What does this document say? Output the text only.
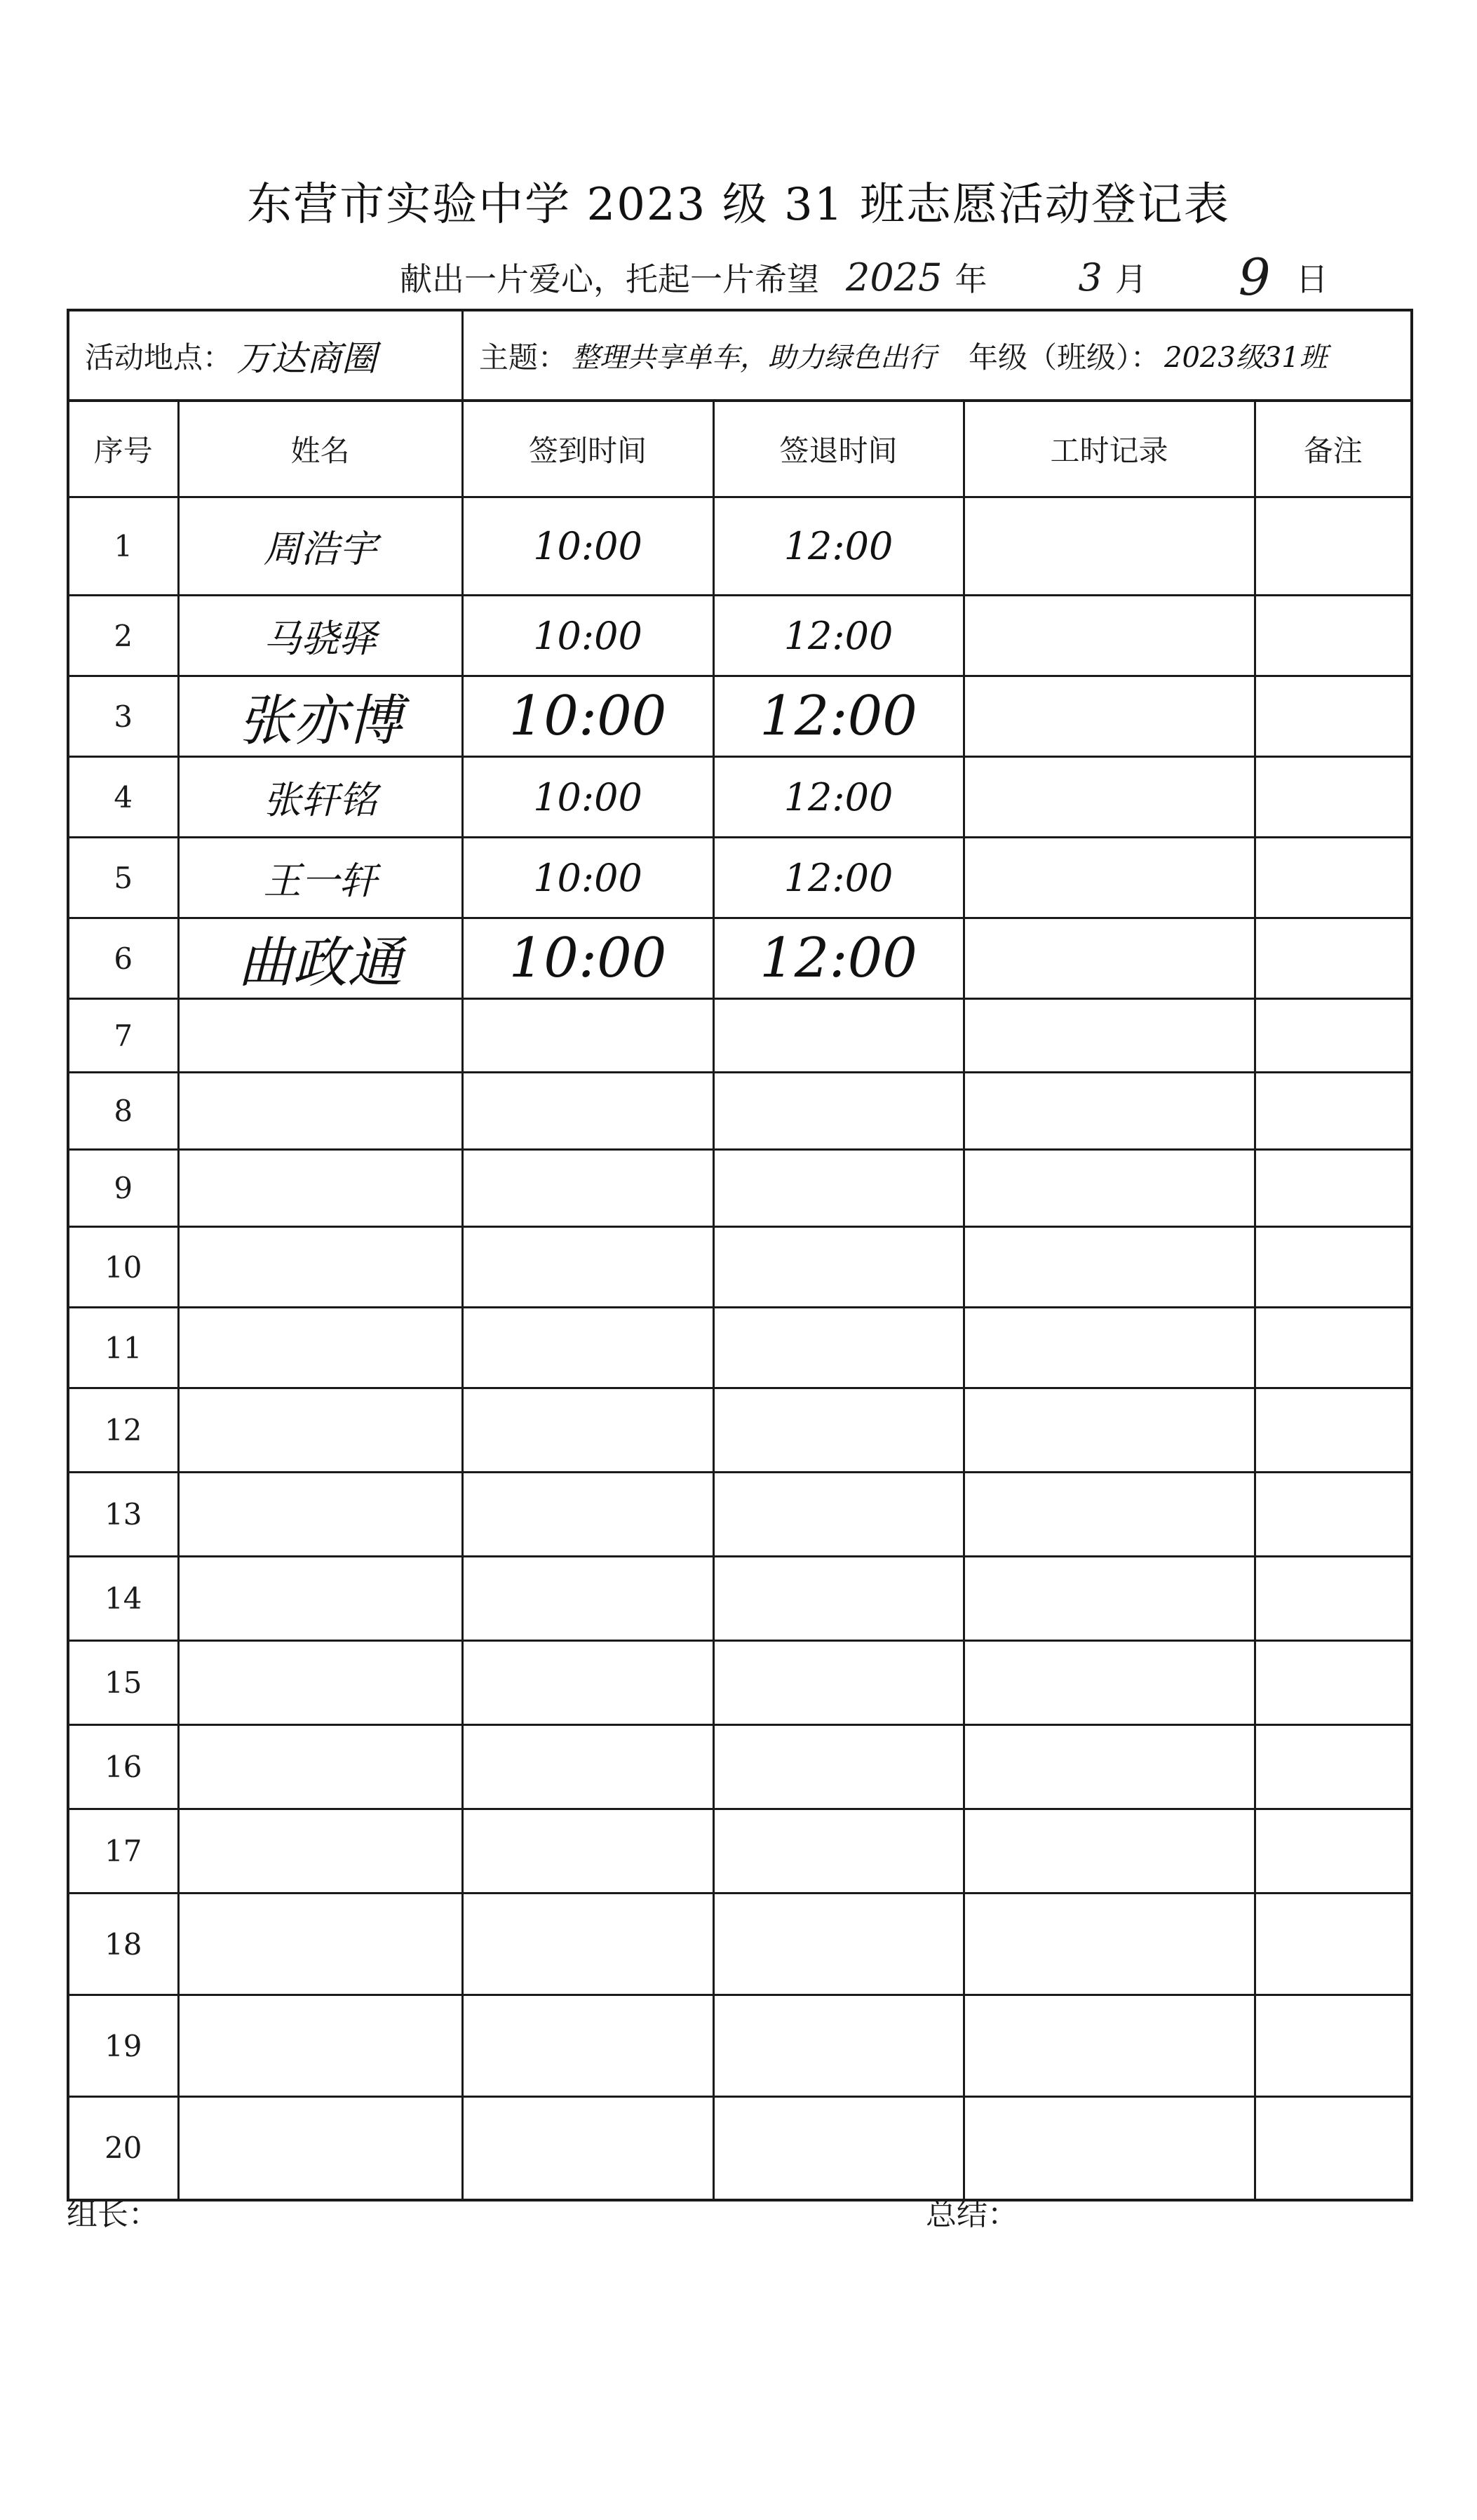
东营市实验中学 2023 级 31 班志愿活动登记表
献出一片爱心，托起一片希望 2025 年 3 月 9 日
活动地点： 万达商圈	主题： 整理共享单车，助力绿色出行 年级（班级）： 2023级31班
序号	姓名	签到时间	签退时间	工时记录	备注
1	周浩宇	10:00	12:00		
2	马骁驿	10:00	12:00		
3	张亦博	10:00	12:00		
4	张轩铭	10:00	12:00		
5	王一轩	10:00	12:00		
6	曲政通	10:00	12:00		
7					
8					
9					
10					
11					
12					
13					
14					
15					
16					
17					
18					
19					
20					
组长：	总结：
